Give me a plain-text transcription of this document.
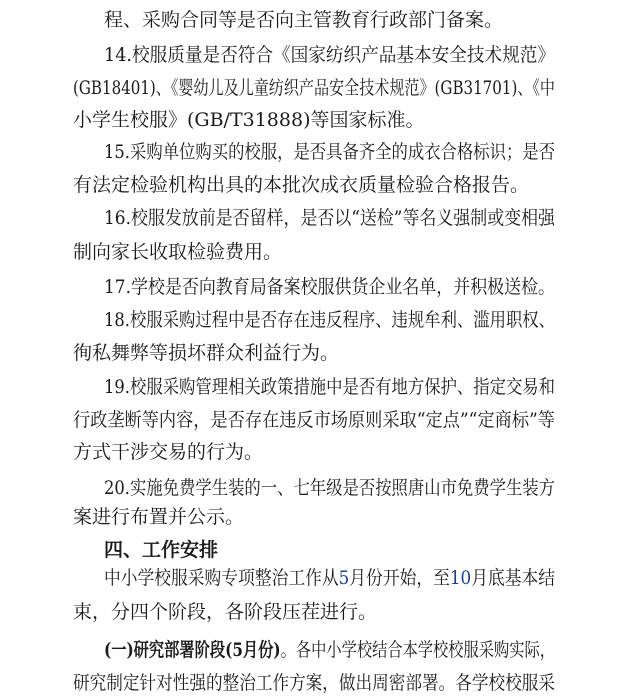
程、采购合同等是否向主管教育行政部门备案。
14.校服质量是否符合《国家纺织产品基本安全技术规范》
(GB18401)、《婴幼儿及儿童纺织产品安全技术规范》(GB31701)、《中
小学生校服》(GB/T31888)等国家标准。
15.采购单位购买的校服，是否具备齐全的成衣合格标识；是否
有法定检验机构出具的本批次成衣质量检验合格报告。
16.校服发放前是否留样，是否以“送检”等名义强制或变相强
制向家长收取检验费用。
17.学校是否向教育局备案校服供货企业名单，并积极送检。
18.校服采购过程中是否存在违反程序、违规牟利、滥用职权、
徇私舞弊等损坏群众利益行为。
19.校服采购管理相关政策措施中是否有地方保护、指定交易和
行政垄断等内容，是否存在违反市场原则采取“定点”“定商标”等
方式干涉交易的行为。
20.实施免费学生装的一、七年级是否按照唐山市免费学生装方
案进行布置并公示。
四、工作安排
中小学校服采购专项整治工作从5月份开始，至10月底基本结
束，分四个阶段，各阶段压茬进行。
(一)研究部署阶段(5月份)。各中小学校结合本学校校服采购实际，
研究制定针对性强的整治工作方案，做出周密部署。各学校校服采
